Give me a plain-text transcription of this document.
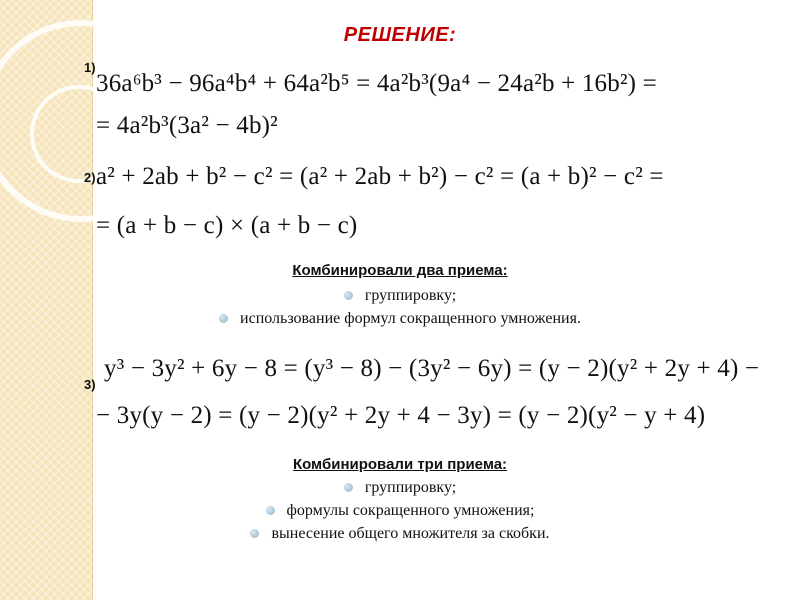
РЕШЕНИЕ:
1)
36a⁶b³ − 96a⁴b⁴ + 64a²b⁵ = 4a²b³(9a⁴ − 24a²b + 16b²) =
= 4a²b³(3a² − 4b)²
2) a² + 2ab + b² − c² = (a² + 2ab + b²) − c² = (a + b)² − c² =
= (a + b − c) × (a + b − c)
Комбинировали два приема:
группировку;
использование формул сокращенного умножения.
3)
y³ − 3y² + 6y − 8 = (y³ − 8) − (3y² − 6y) = (y − 2)(y² + 2y + 4) −
− 3y(y − 2) = (y − 2)(y² + 2y + 4 − 3y) = (y − 2)(y² − y + 4)
Комбинировали три приема:
группировку;
формулы сокращенного умножения;
вынесение общего множителя за скобки.
